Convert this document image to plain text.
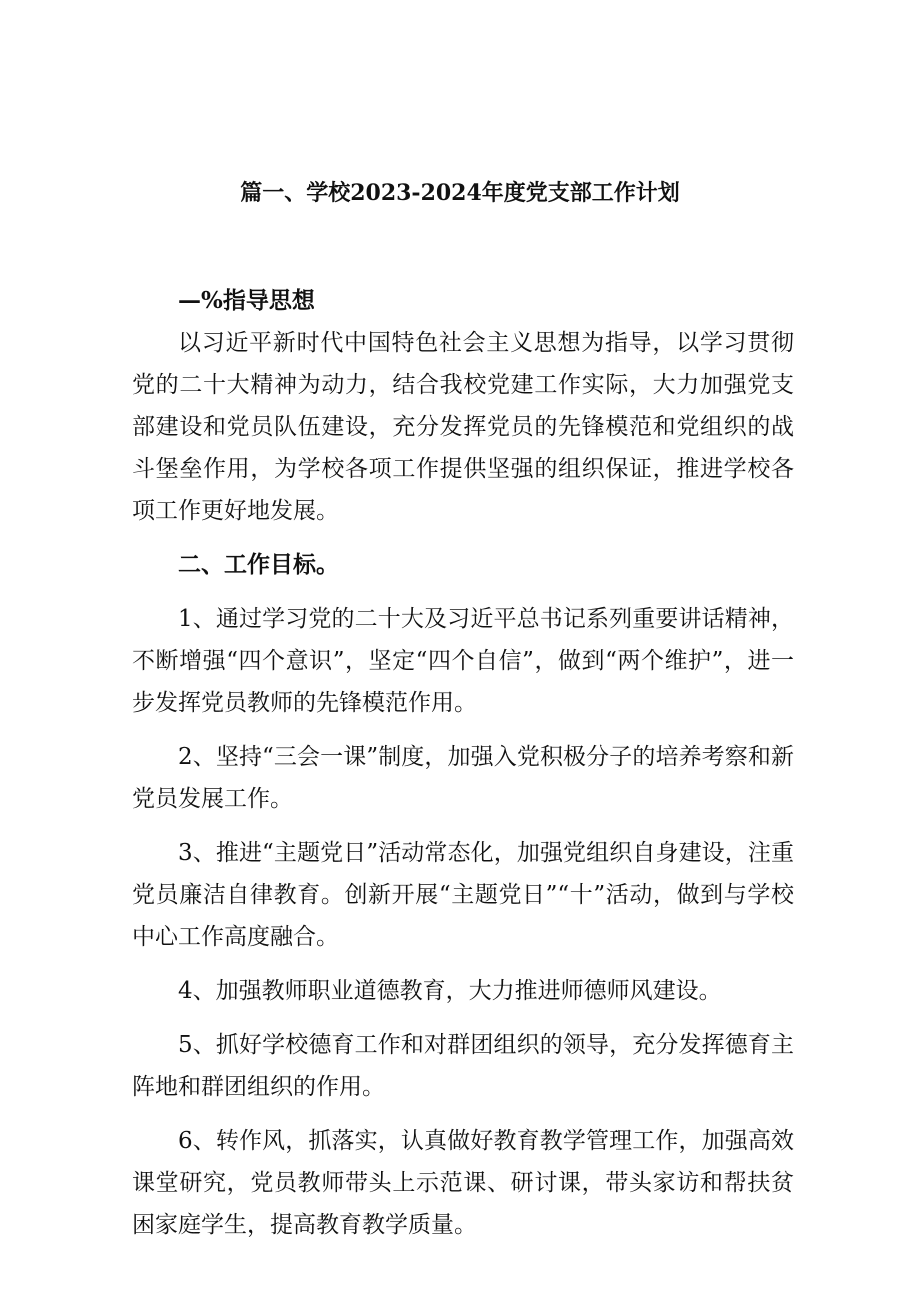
篇一、学校2023-2024年度党支部工作计划

—%指导思想

以习近平新时代中国特色社会主义思想为指导，以学习贯彻党的二十大精神为动力，结合我校党建工作实际，大力加强党支部建设和党员队伍建设，充分发挥党员的先锋模范和党组织的战斗堡垒作用，为学校各项工作提供坚强的组织保证，推进学校各项工作更好地发展。

二、工作目标。

1、通过学习党的二十大及习近平总书记系列重要讲话精神，不断增强“四个意识”，坚定“四个自信”，做到“两个维护”，进一步发挥党员教师的先锋模范作用。

2、坚持“三会一课”制度，加强入党积极分子的培养考察和新党员发展工作。

3、推进“主题党日”活动常态化，加强党组织自身建设，注重党员廉洁自律教育。创新开展“主题党日”“十”活动，做到与学校中心工作高度融合。

4、加强教师职业道德教育，大力推进师德师风建设。

5、抓好学校德育工作和对群团组织的领导，充分发挥德育主阵地和群团组织的作用。

6、转作风，抓落实，认真做好教育教学管理工作，加强高效课堂研究，党员教师带头上示范课、研讨课，带头家访和帮扶贫困家庭学生，提高教育教学质量。
